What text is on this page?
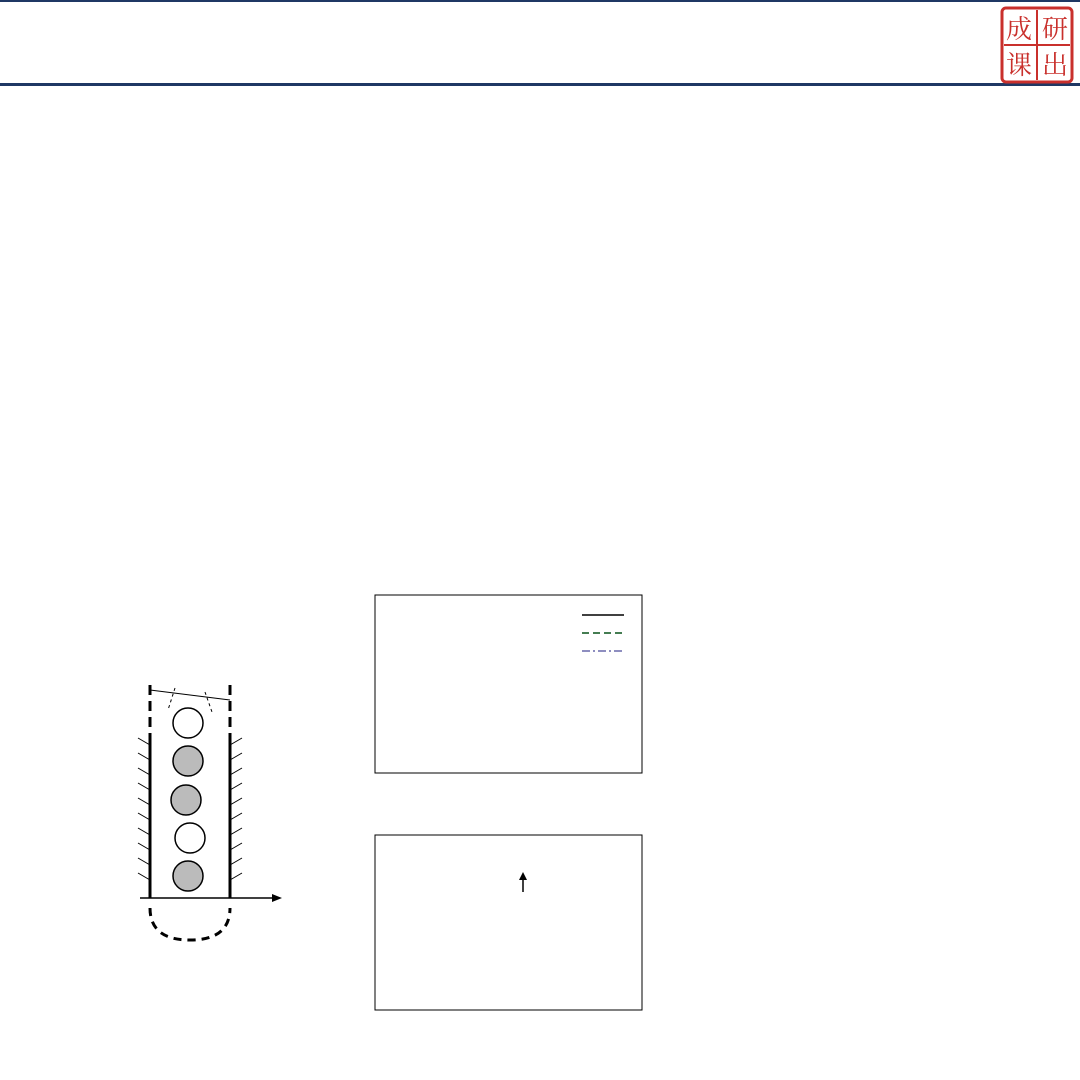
成 研
课 出
